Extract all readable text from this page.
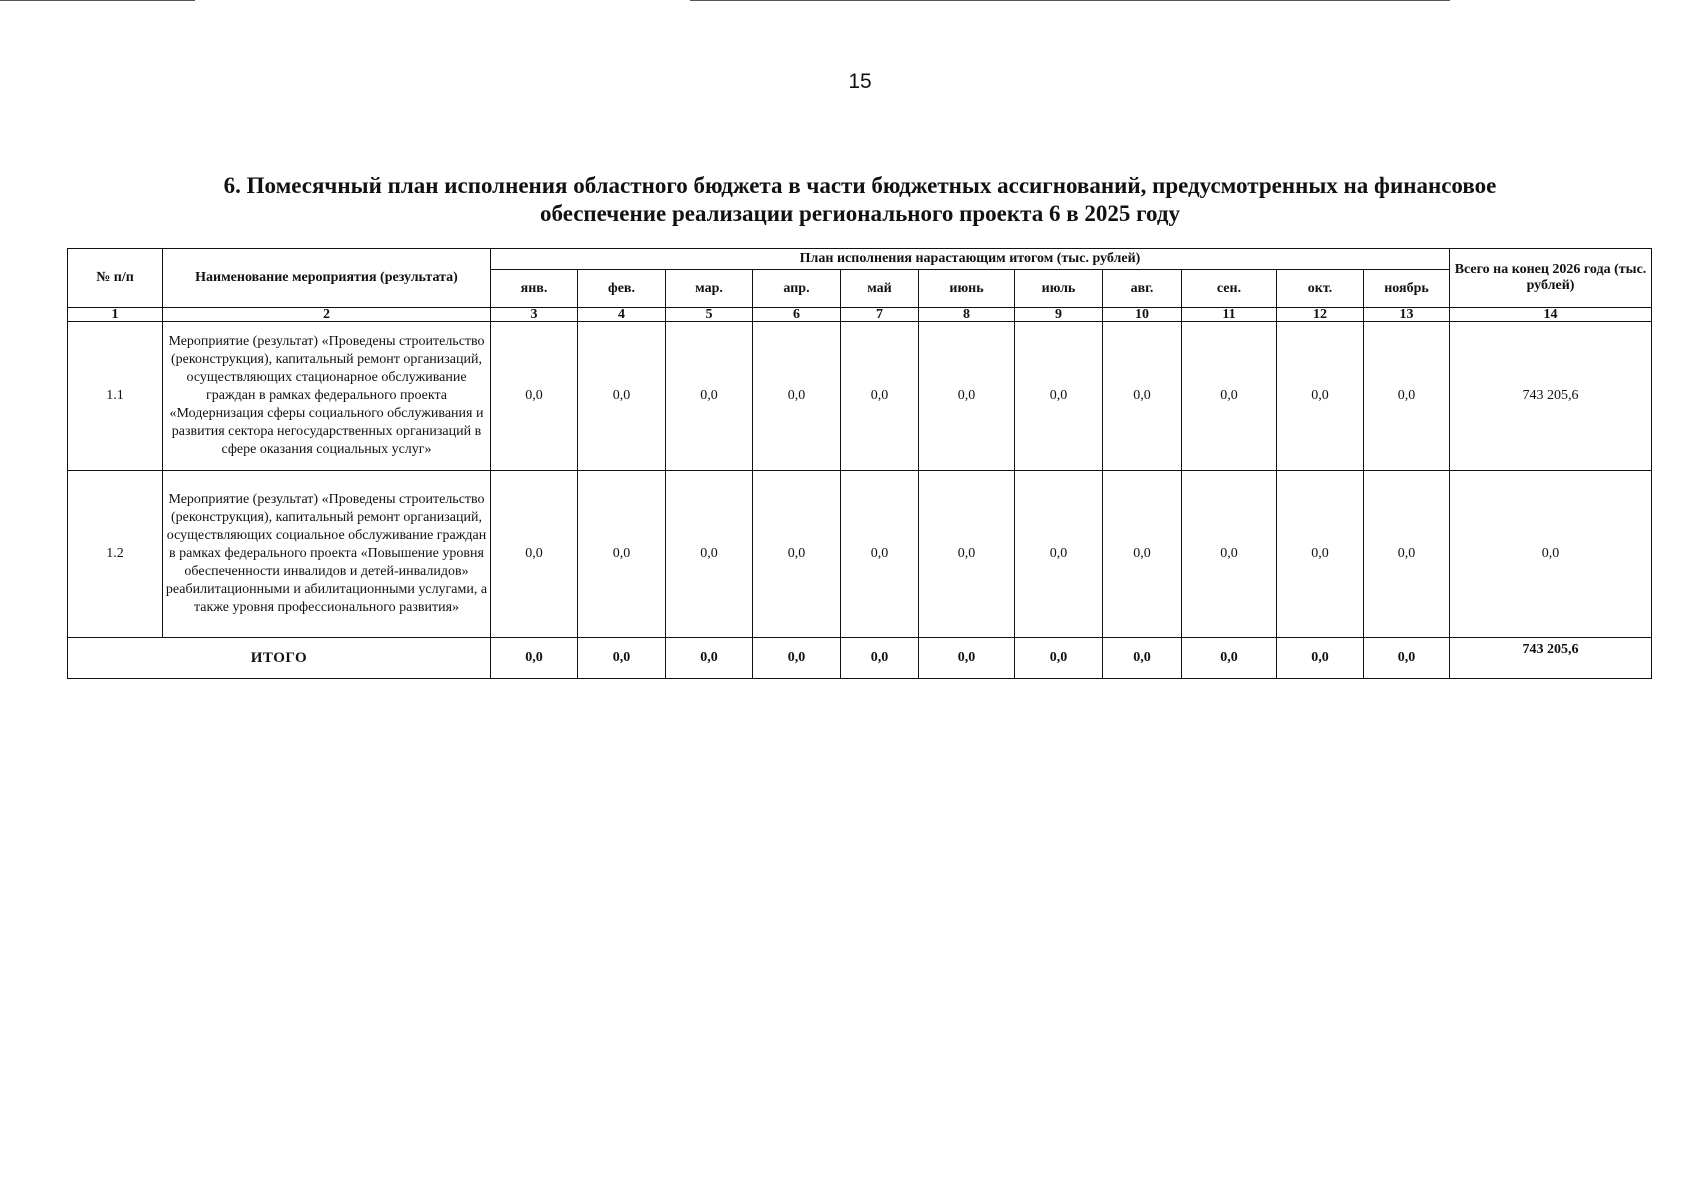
15
6. Помесячный план исполнения областного бюджета в части бюджетных ассигнований, предусмотренных на финансовое
обеспечение реализации регионального проекта 6 в 2025 году
№ п/п	Наименование мероприятия (результата)	План исполнения нарастающим итогом (тыс. рублей)											Всего на конец 2026 года (тыс. рублей)
		янв.	фев.	мар.	апр.	май	июнь	июль	авг.	сен.	окт.	ноябрь	
1	2	3	4	5	6	7	8	9	10	11	12	13	14
1.1	Мероприятие (результат) «Проведены строительство (реконструкция), капитальный ремонт организаций, осуществляющих стационарное обслуживание граждан в рамках федерального проекта «Модернизация сферы социального обслуживания и развития сектора негосударственных организаций в сфере оказания социальных услуг»	0,0	0,0	0,0	0,0	0,0	0,0	0,0	0,0	0,0	0,0	0,0	743 205,6
1.2	Мероприятие (результат) «Проведены строительство (реконструкция), капитальный ремонт организаций, осуществляющих социальное обслуживание граждан в рамках федерального проекта «Повышение уровня обеспеченности инвалидов и детей-инвалидов» реабилитационными и абилитационными услугами, а также уровня профессионального развития»	0,0	0,0	0,0	0,0	0,0	0,0	0,0	0,0	0,0	0,0	0,0	0,0
ИТОГО		0,0	0,0	0,0	0,0	0,0	0,0	0,0	0,0	0,0	0,0	0,0	743 205,6
